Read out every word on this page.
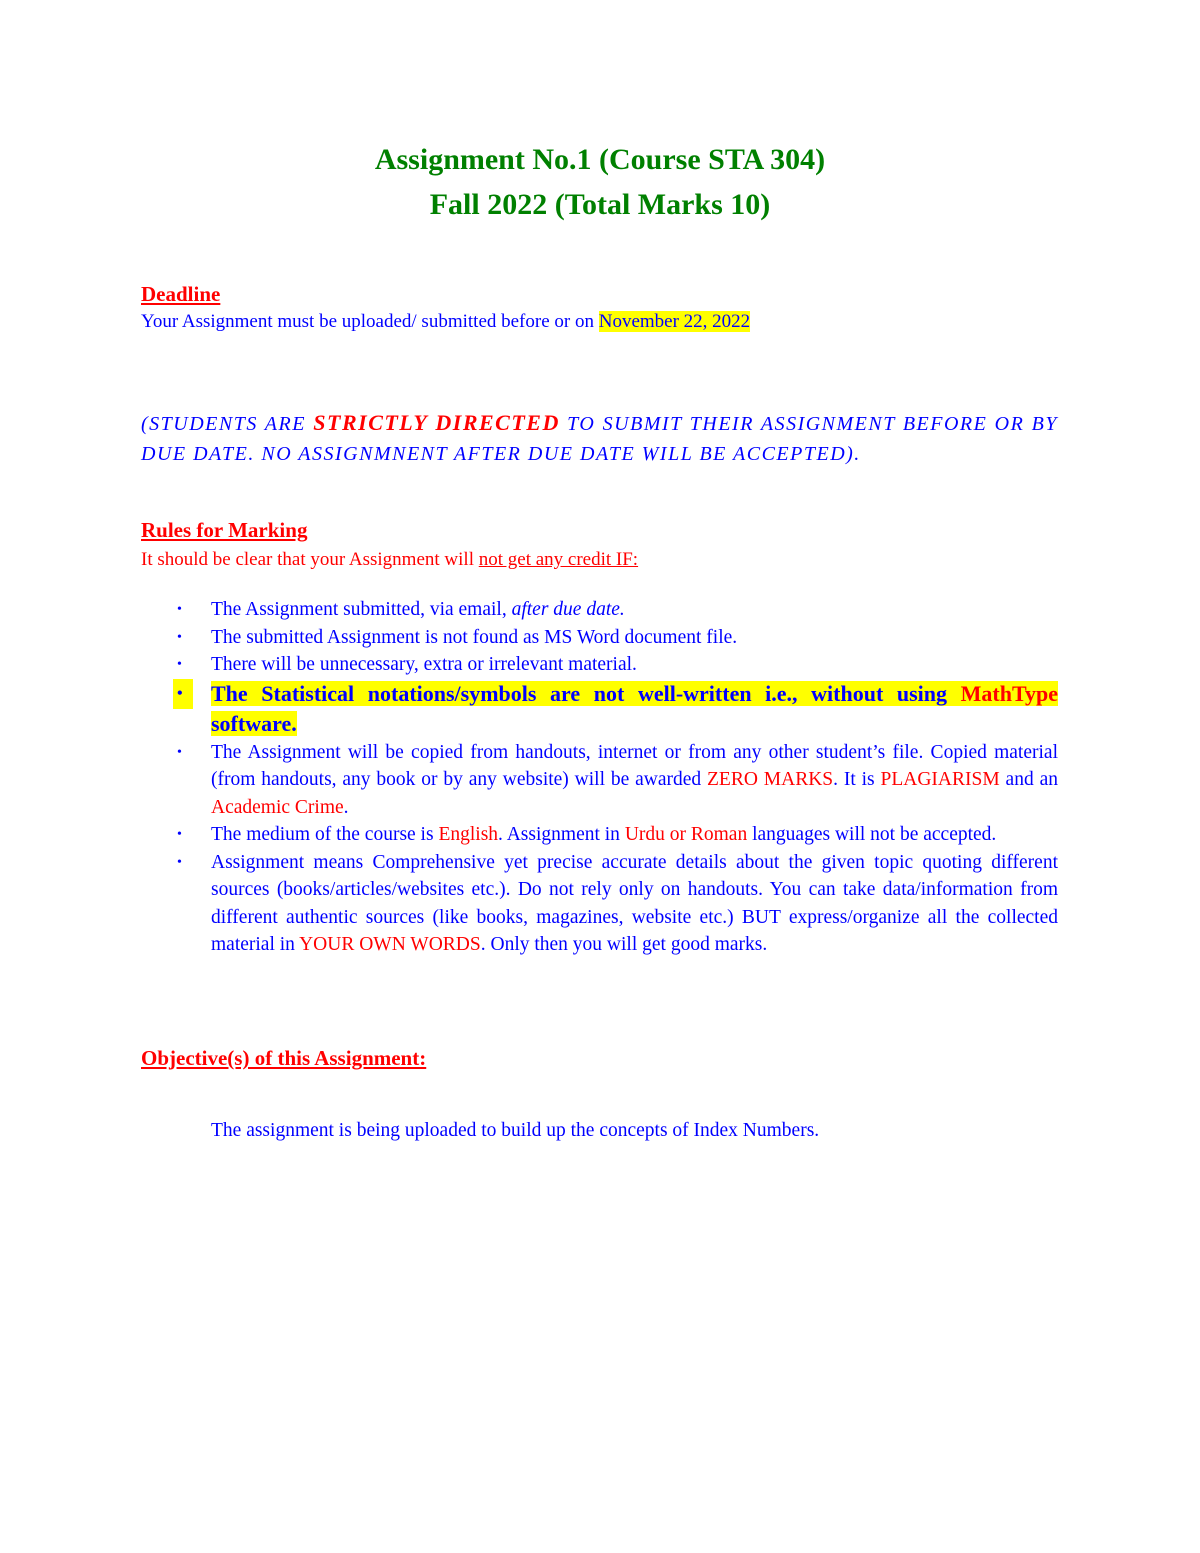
Assignment No.1 (Course STA 304)
Fall 2022 (Total Marks 10)
Deadline
Your Assignment must be uploaded/ submitted before or on November 22, 2022
(STUDENTS ARE STRICTLY DIRECTED TO SUBMIT THEIR ASSIGNMENT BEFORE OR BY DUE DATE. NO ASSIGNMNENT AFTER DUE DATE WILL BE ACCEPTED).
Rules for Marking
It should be clear that your Assignment will not get any credit IF:
• The Assignment submitted, via email, after due date.
• The submitted Assignment is not found as MS Word document file.
• There will be unnecessary, extra or irrelevant material.
•	The Statistical notations/symbols are not well-written i.e., without using MathType software.
• The Assignment will be copied from handouts, internet or from any other student’s file. Copied material (from handouts, any book or by any website) will be awarded ZERO MARKS. It is PLAGIARISM and an Academic Crime.
• The medium of the course is English. Assignment in Urdu or Roman languages will not be accepted.
• Assignment means Comprehensive yet precise accurate details about the given topic quoting different sources (books/articles/websites etc.). Do not rely only on handouts. You can take data/information from different authentic sources (like books, magazines, website etc.) BUT express/organize all the collected material in YOUR OWN WORDS. Only then you will get good marks.
Objective(s) of this Assignment:
The assignment is being uploaded to build up the concepts of Index Numbers.
